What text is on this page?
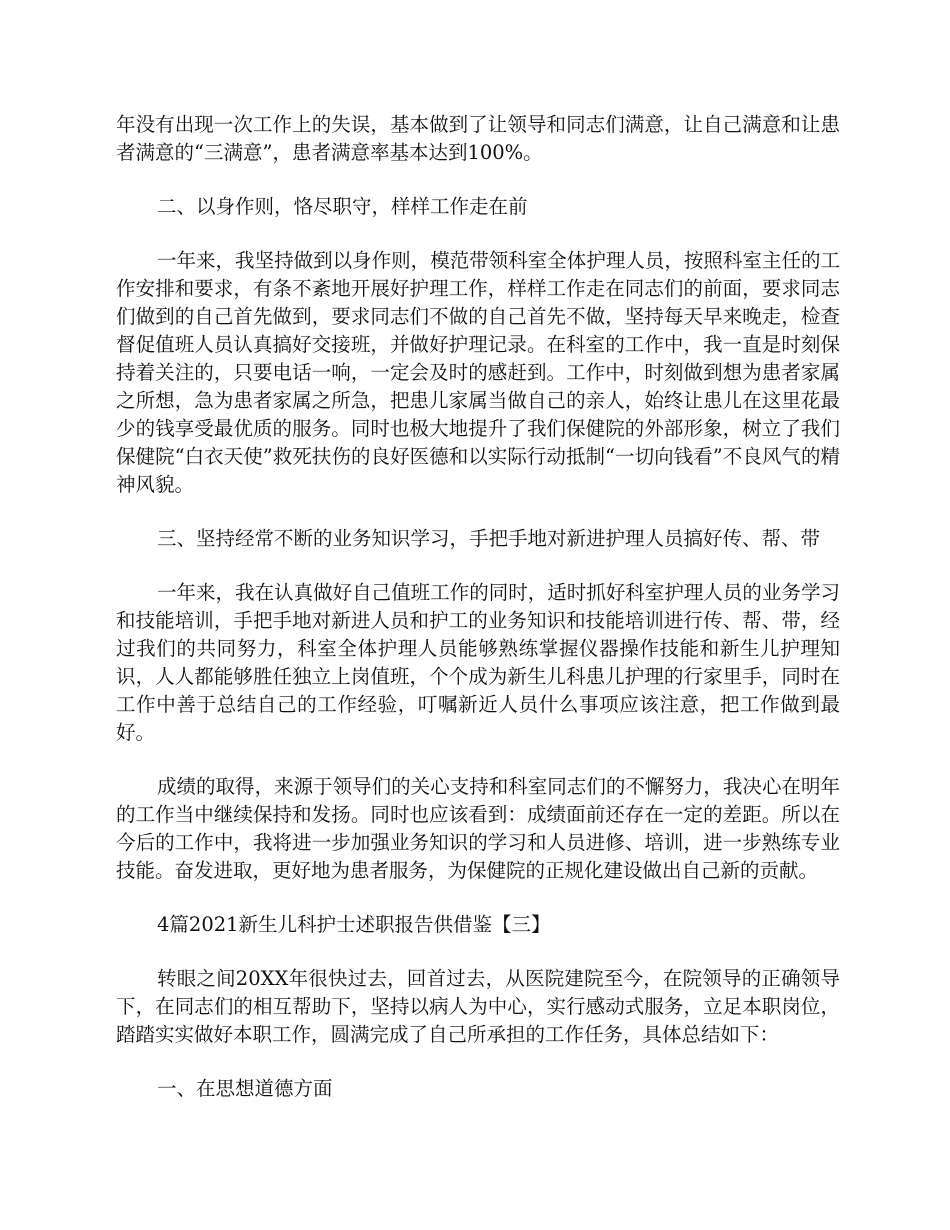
年没有出现一次工作上的失误，基本做到了让领导和同志们满意，让自己满意和让患者满意的“三满意”，患者满意率基本达到100%。

二、以身作则，恪尽职守，样样工作走在前

一年来，我坚持做到以身作则，模范带领科室全体护理人员，按照科室主任的工作安排和要求，有条不紊地开展好护理工作，样样工作走在同志们的前面，要求同志们做到的自己首先做到，要求同志们不做的自己首先不做，坚持每天早来晚走，检查督促值班人员认真搞好交接班，并做好护理记录。在科室的工作中，我一直是时刻保持着关注的，只要电话一响，一定会及时的感赶到。工作中，时刻做到想为患者家属之所想，急为患者家属之所急，把患儿家属当做自己的亲人，始终让患儿在这里花最少的钱享受最优质的服务。同时也极大地提升了我们保健院的外部形象，树立了我们保健院“白衣天使”救死扶伤的良好医德和以实际行动抵制“一切向钱看”不良风气的精神风貌。

三、坚持经常不断的业务知识学习，手把手地对新进护理人员搞好传、帮、带

一年来，我在认真做好自己值班工作的同时，适时抓好科室护理人员的业务学习和技能培训，手把手地对新进人员和护工的业务知识和技能培训进行传、帮、带，经过我们的共同努力，科室全体护理人员能够熟练掌握仪器操作技能和新生儿护理知识，人人都能够胜任独立上岗值班，个个成为新生儿科患儿护理的行家里手，同时在工作中善于总结自己的工作经验，叮嘱新近人员什么事项应该注意，把工作做到最好。

成绩的取得，来源于领导们的关心支持和科室同志们的不懈努力，我决心在明年的工作当中继续保持和发扬。同时也应该看到：成绩面前还存在一定的差距。所以在今后的工作中，我将进一步加强业务知识的学习和人员进修、培训，进一步熟练专业技能。奋发进取，更好地为患者服务，为保健院的正规化建设做出自己新的贡献。

4篇2021新生儿科护士述职报告供借鉴【三】

转眼之间20XX年很快过去，回首过去，从医院建院至今，在院领导的正确领导下，在同志们的相互帮助下，坚持以病人为中心，实行感动式服务，立足本职岗位，踏踏实实做好本职工作，圆满完成了自己所承担的工作任务，具体总结如下：

一、在思想道德方面
